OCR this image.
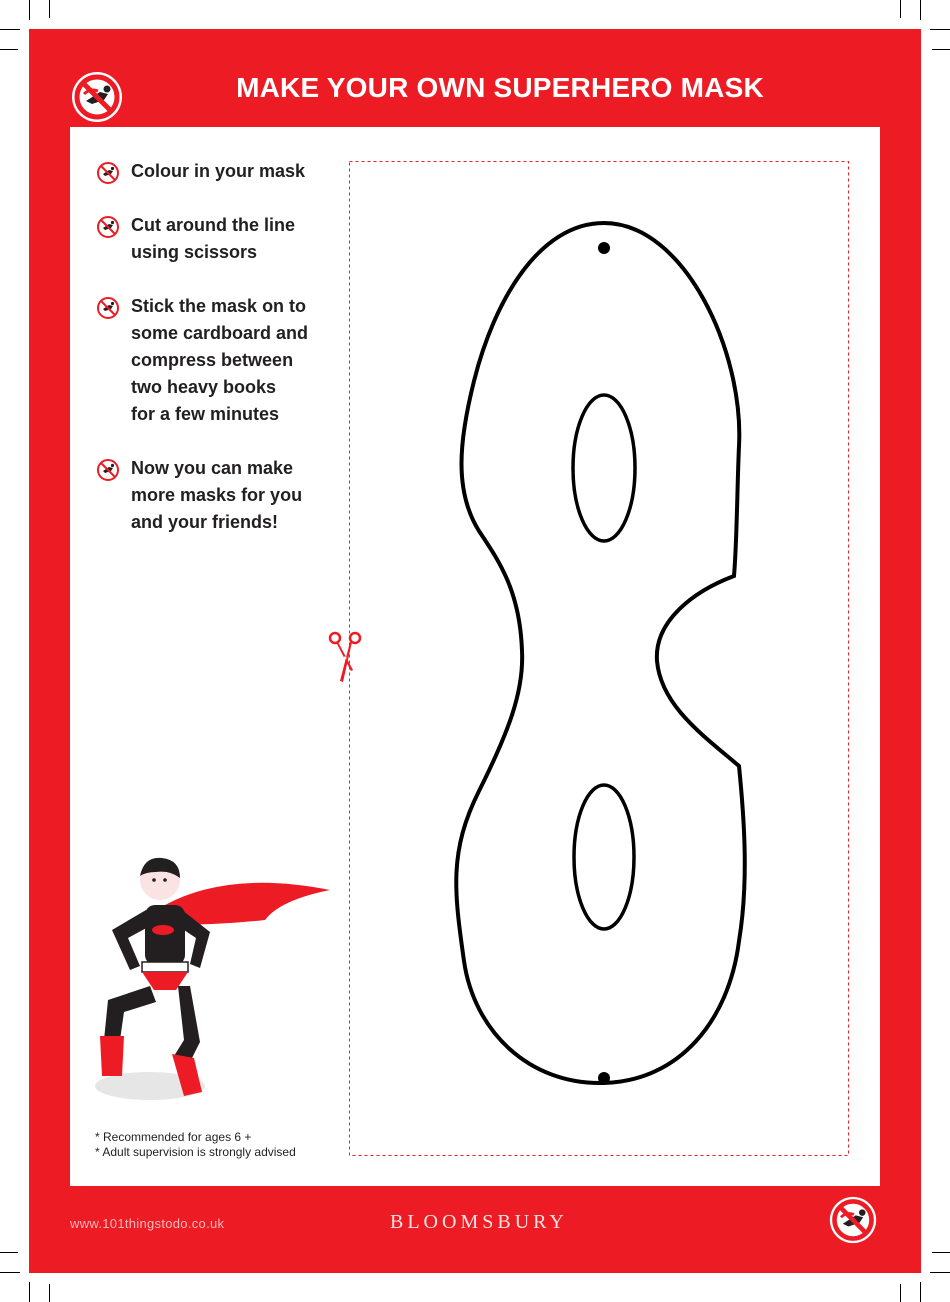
MAKE YOUR OWN SUPERHERO MASK
Colour in your mask
Cut around the line
using scissors
Stick the mask on to
some cardboard and
compress between
two heavy books
for a few minutes
Now you can make
more masks for you
and your friends!
* Recommended for ages 6 +
* Adult supervision is strongly advised
www.101thingstodo.co.uk	BLOOMSBURY
